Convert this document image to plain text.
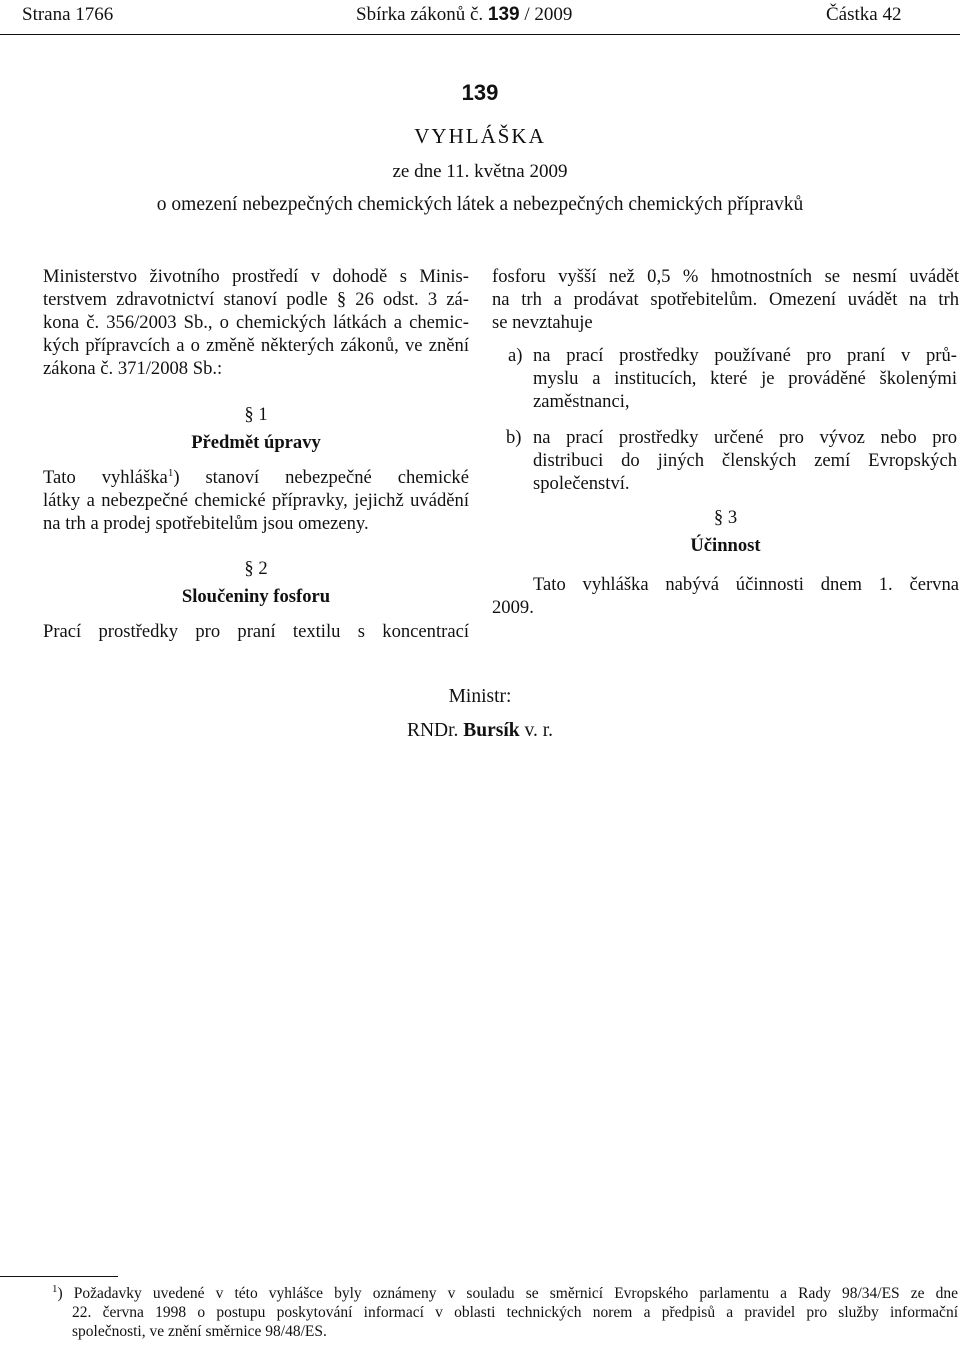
Strana 1766	Sbírka zákonů č. 139 / 2009	Částka 42
139
VYHLÁŠKA
ze dne 11. května 2009
o omezení nebezpečných chemických látek a nebezpečných chemických přípravků
Ministerstvo životního prostředí v dohodě s Minis-
terstvem zdravotnictví stanoví podle § 26 odst. 3 zá-
kona č. 356/2003 Sb., o chemických látkách a chemic-
kých přípravcích a o změně některých zákonů, ve znění
zákona č. 371/2008 Sb.:
§ 1
Předmět úpravy
Tato vyhláška$^1$) stanoví nebezpečné chemické
látky a nebezpečné chemické přípravky, jejichž uvádění
na trh a prodej spotřebitelům jsou omezeny.
§ 2
Sloučeniny fosforu
Prací prostředky pro praní textilu s koncentrací
fosforu vyšší než 0,5 % hmotnostních se nesmí uvádět
na trh a prodávat spotřebitelům. Omezení uvádět na trh
se nevztahuje
a) na prací prostředky používané pro praní v prů-
myslu a institucích, které je prováděné školenými
zaměstnanci,
b) na prací prostředky určené pro vývoz nebo pro
distribuci do jiných členských zemí Evropských
společenství.
§ 3
Účinnost
Tato vyhláška nabývá účinnosti dnem 1. června
2009.
Ministr:
RNDr. Bursík v. r.
$^1$) Požadavky uvedené v této vyhlášce byly oznámeny v souladu se směrnicí Evropského parlamentu a Rady 98/34/ES ze dne
22. června 1998 o postupu poskytování informací v oblasti technických norem a předpisů a pravidel pro služby informační
společnosti, ve znění směrnice 98/48/ES.
